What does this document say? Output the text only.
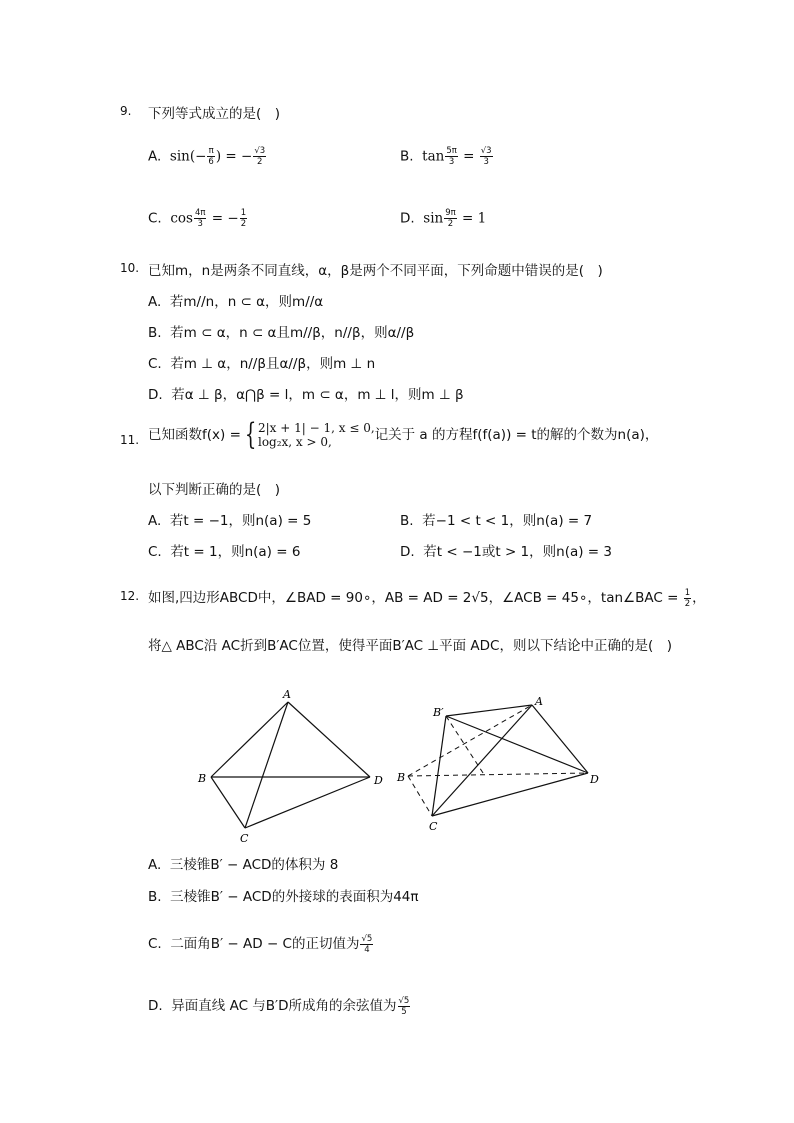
9. 下列等式成立的是(　)
A. $\sin(- \frac{\pi}{6}$ ) = − $\frac{√3}{2}$	B. $\tan \frac{5\pi}{3} = \frac{√3}{3}$
C. $\cos \frac{4\pi}{3}$ = − $\frac{1}{2}$	D. $\sin \frac{9\pi}{2} = 1$
10. 已知m，n是两条不同直线，α，β是两个不同平面，下列命题中错误的是(　)
A. 若m//n，n ⊂ α，则m//α
B. 若m ⊂ α，n ⊂ α且m//β，n//β，则α//β
C. 若m ⊥ α，n//β且α//β，则m ⊥ n
D. 若α ⊥ β，α⋂β = l，m ⊂ α，m ⊥ l，则m ⊥ β
11. 已知函数f(x) = { 2|x + 1| − 1, x ≤ 0,
log₂x, x > 0,	记关于 a 的方程f(f(a)) = t的解的个数为n(a)，
以下判断正确的是(　)
A. 若t = −1，则n(a) = 5	B. 若−1 < t < 1，则n(a) = 7
C. 若t = 1，则n(a) = 6	D. 若t < −1或t > 1，则n(a) = 3
12. 如图,四边形ABCD中，∠BAD = 90∘，AB = AD = 2√5，∠ACB = 45∘，tan∠BAC = $\frac{1}{2}$ ，
将△ ABC沿 AC折到B′AC位置，使得平面B′AC ⊥平面 ADC，则以下结论中正确的是(　)
A
B
C
D
B′
A
B
C
D
A. 三棱锥B′ − ACD的体积为 8
B. 三棱锥B′ − ACD的外接球的表面积为44π
C. 二面角B′ − AD − C的正切值为 $\frac{√5}{4}$
D. 异面直线 AC 与B′D所成角的余弦值为 $\frac{√5}{5}$
